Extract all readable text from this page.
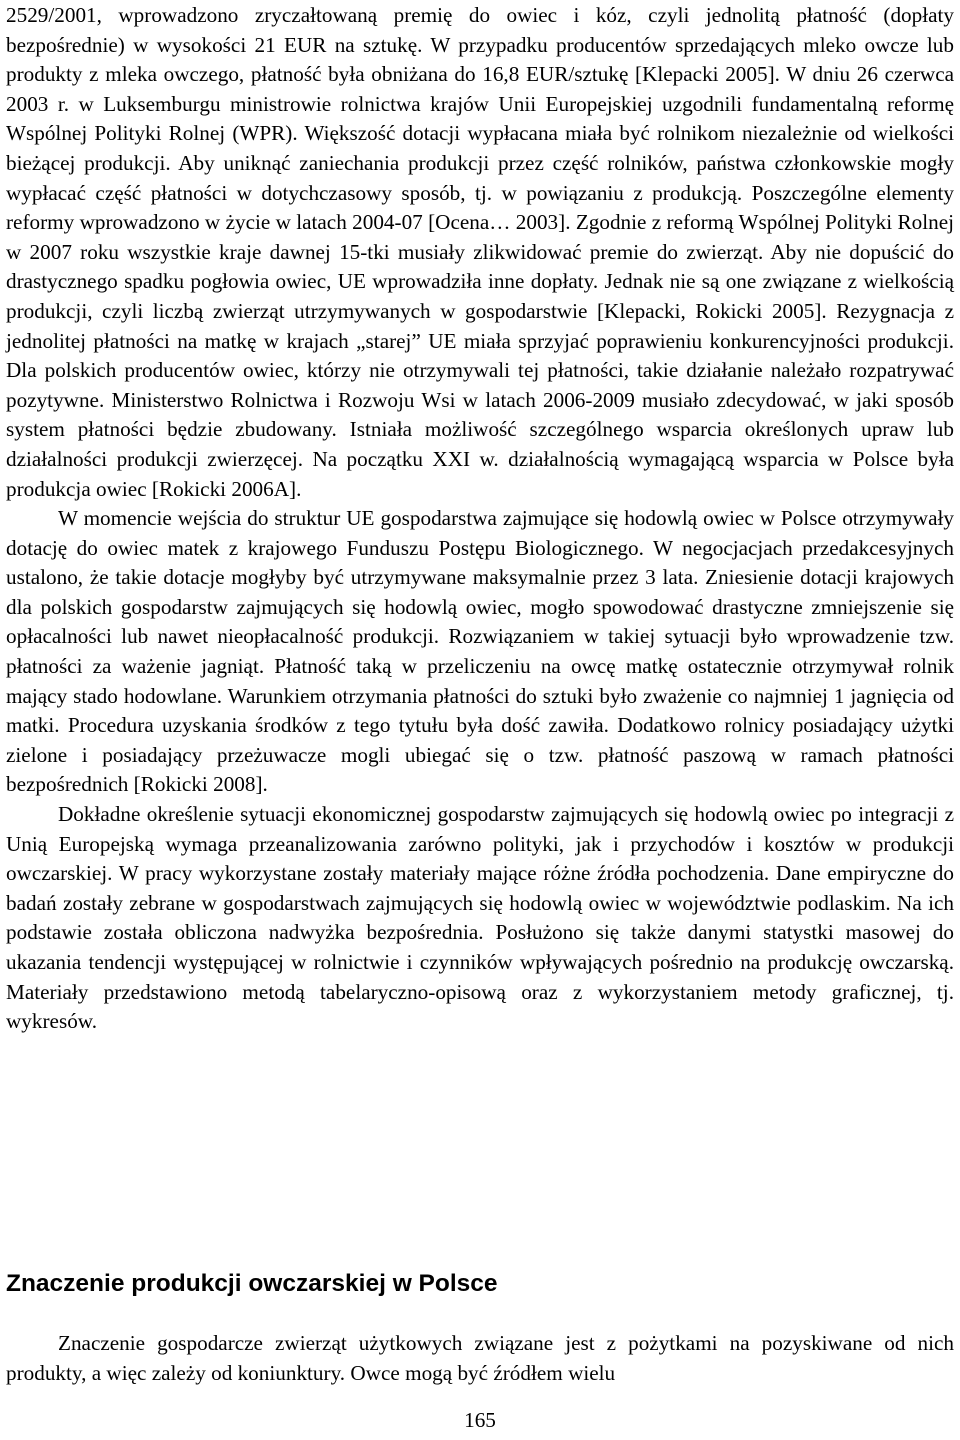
2529/2001, wprowadzono zryczałtowaną premię do owiec i kóz, czyli jednolitą płatność (dopłaty bezpośrednie) w wysokości 21 EUR na sztukę. W przypadku producentów sprzedających mleko owcze lub produkty z mleka owczego, płatność była obniżana do 16,8 EUR/sztukę [Klepacki 2005]. W dniu 26 czerwca 2003 r. w Luksemburgu ministrowie rolnictwa krajów Unii Europejskiej uzgodnili fundamentalną reformę Wspólnej Polityki Rolnej (WPR). Większość dotacji wypłacana miała być rolnikom niezależnie od wielkości bieżącej produkcji. Aby uniknąć zaniechania produkcji przez część rolników, państwa członkowskie mogły wypłacać część płatności w dotychczasowy sposób, tj. w powiązaniu z produkcją. Poszczególne elementy reformy wprowadzono w życie w latach 2004-07 [Ocena… 2003]. Zgodnie z reformą Wspólnej Polityki Rolnej w 2007 roku wszystkie kraje dawnej 15-tki musiały zlikwidować premie do zwierząt. Aby nie dopuścić do drastycznego spadku pogłowia owiec, UE wprowadziła inne dopłaty. Jednak nie są one związane z wielkością produkcji, czyli liczbą zwierząt utrzymywanych w gospodarstwie [Klepacki, Rokicki 2005]. Rezygnacja z jednolitej płatności na matkę w krajach „starej” UE miała sprzyjać poprawieniu konkurencyjności produkcji. Dla polskich producentów owiec, którzy nie otrzymywali tej płatności, takie działanie należało rozpatrywać pozytywne. Ministerstwo Rolnictwa i Rozwoju Wsi w latach 2006-2009 musiało zdecydować, w jaki sposób system płatności będzie zbudowany. Istniała możliwość szczególnego wsparcia określonych upraw lub działalności produkcji zwierzęcej. Na początku XXI w. działalnością wymagającą wsparcia w Polsce była produkcja owiec [Rokicki 2006A].

W momencie wejścia do struktur UE gospodarstwa zajmujące się hodowlą owiec w Polsce otrzymywały dotację do owiec matek z krajowego Funduszu Postępu Biologicznego. W negocjacjach przedakcesyjnych ustalono, że takie dotacje mogłyby być utrzymywane maksymalnie przez 3 lata. Zniesienie dotacji krajowych dla polskich gospodarstw zajmujących się hodowlą owiec, mogło spowodować drastyczne zmniejszenie się opłacalności lub nawet nieopłacalność produkcji. Rozwiązaniem w takiej sytuacji było wprowadzenie tzw. płatności za ważenie jagniąt. Płatność taką w przeliczeniu na owcę matkę ostatecznie otrzymywał rolnik mający stado hodowlane. Warunkiem otrzymania płatności do sztuki było zważenie co najmniej 1 jagnięcia od matki. Procedura uzyskania środków z tego tytułu była dość zawiła. Dodatkowo rolnicy posiadający użytki zielone i posiadający przeżuwacze mogli ubiegać się o tzw. płatność paszową w ramach płatności bezpośrednich [Rokicki 2008].

Dokładne określenie sytuacji ekonomicznej gospodarstw zajmujących się hodowlą owiec po integracji z Unią Europejską wymaga przeanalizowania zarówno polityki, jak i przychodów i kosztów w produkcji owczarskiej. W pracy wykorzystane zostały materiały mające różne źródła pochodzenia. Dane empiryczne do badań zostały zebrane w gospodarstwach zajmujących się hodowlą owiec w województwie podlaskim. Na ich podstawie została obliczona nadwyżka bezpośrednia. Posłużono się także danymi statystki masowej do ukazania tendencji występującej w rolnictwie i czynników wpływających pośrednio na produkcję owczarską. Materiały przedstawiono metodą tabelaryczno-opisową oraz z wykorzystaniem metody graficznej, tj. wykresów.

Znaczenie produkcji owczarskiej w Polsce

Znaczenie gospodarcze zwierząt użytkowych związane jest z pożytkami na pozyskiwane od nich produkty, a więc zależy od koniunktury. Owce mogą być źródłem wielu

165
